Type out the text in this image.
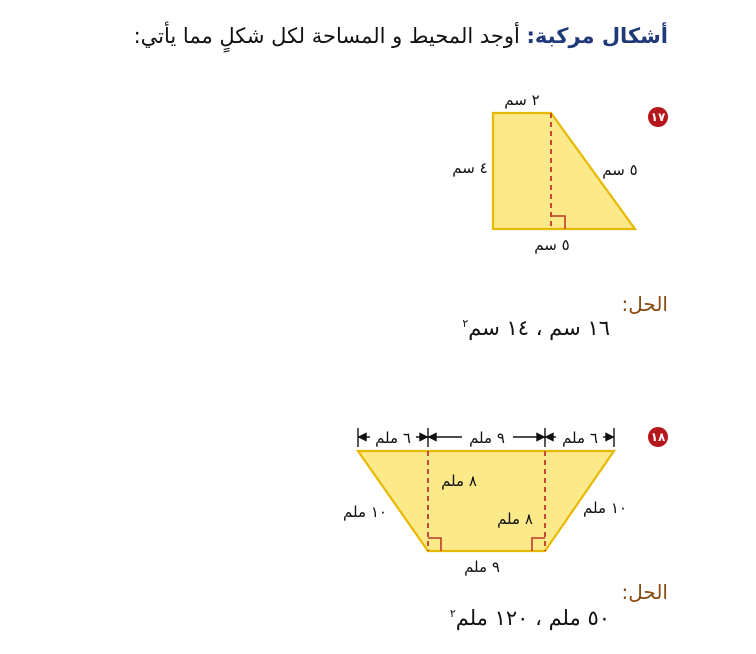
أشكال مركبة: أوجد المحيط و المساحة لكل شكلٍ مما يأتي:
١٧
٢ سم
٤ سم	٥ سم
٥ سم
الحل:
١٦ سم ، ١٤ سم$^٢$
١٨
٦ ملم	٩ ملم	٦ ملم
٨ ملم
٨ ملم
١٠ ملم	١٠ ملم
٩ ملم
الحل:
٥٠ ملم ، ١٢٠ ملم$^٢$
